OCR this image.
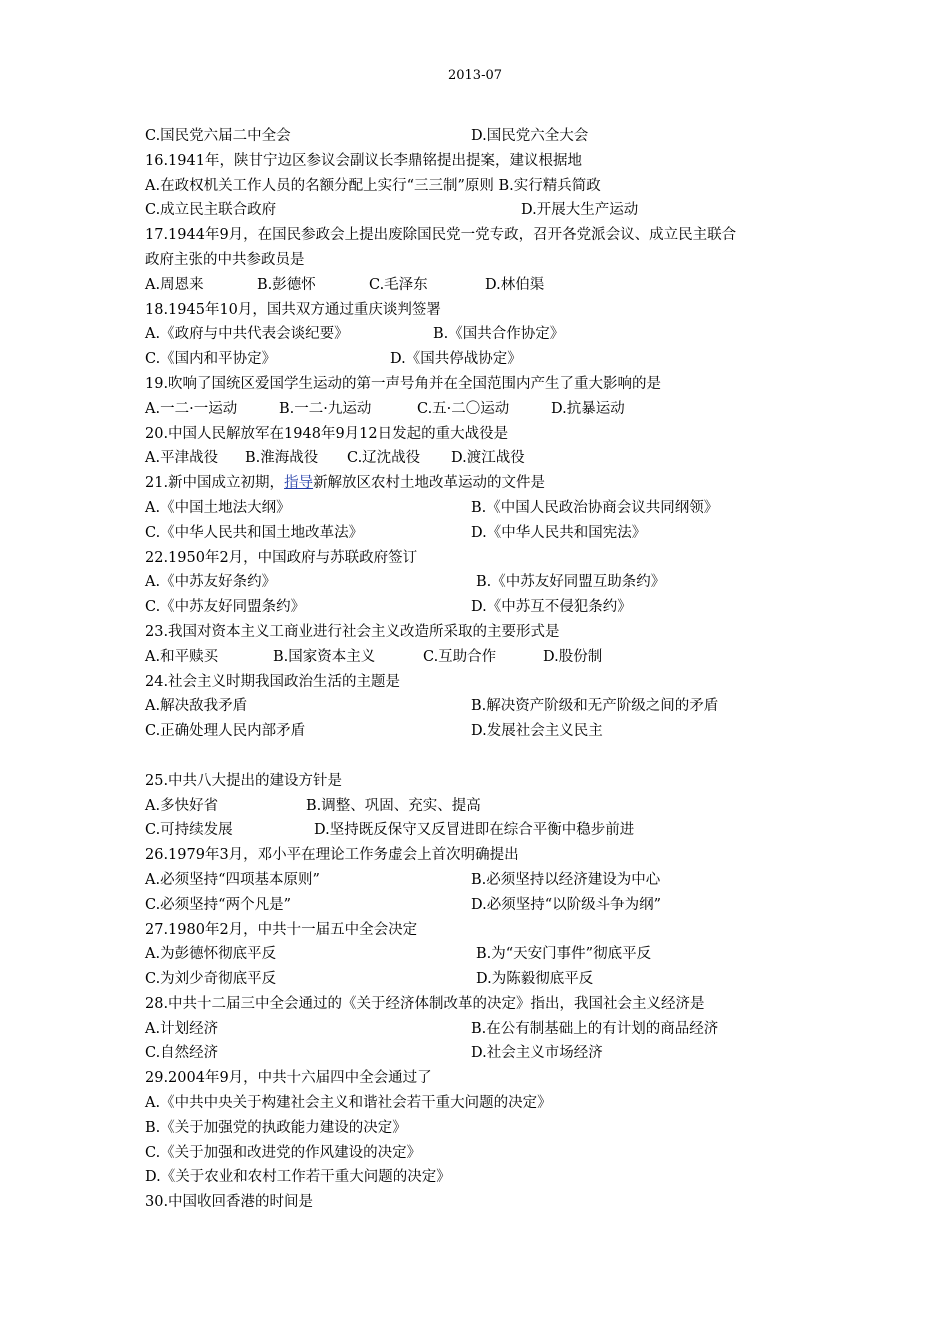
2013-07
C.国民党六届二中全会	D.国民党六全大会
16.1941年，陕甘宁边区参议会副议长李鼎铭提出提案，建议根据地
A.在政权机关工作人员的名额分配上实行“三三制”原则 B.实行精兵简政
C.成立民主联合政府	D.开展大生产运动
17.1944年9月，在国民参政会上提出废除国民党一党专政，召开各党派会议、成立民主联合
政府主张的中共参政员是
A.周恩来	B.彭德怀	C.毛泽东	D.林伯渠
18.1945年10月，国共双方通过重庆谈判签署
A.《政府与中共代表会谈纪要》	B.《国共合作协定》
C.《国内和平协定》	D.《国共停战协定》
19.吹响了国统区爱国学生运动的第一声号角并在全国范围内产生了重大影响的是
A.一二·一运动	B.一二·九运动	C.五·二〇运动	D.抗暴运动
20.中国人民解放军在1948年9月12日发起的重大战役是
A.平津战役 B.淮海战役 C.辽沈战役 D.渡江战役
21.新中国成立初期，指导新解放区农村土地改革运动的文件是
A.《中国土地法大纲》	B.《中国人民政治协商会议共同纲领》
C.《中华人民共和国土地改革法》	D.《中华人民共和国宪法》
22.1950年2月，中国政府与苏联政府签订
A.《中苏友好条约》	B.《中苏友好同盟互助条约》
C.《中苏友好同盟条约》	D.《中苏互不侵犯条约》
23.我国对资本主义工商业进行社会主义改造所采取的主要形式是
A.和平赎买	B.国家资本主义	C.互助合作	D.股份制
24.社会主义时期我国政治生活的主题是
A.解决敌我矛盾	B.解决资产阶级和无产阶级之间的矛盾
C.正确处理人民内部矛盾	D.发展社会主义民主
25.中共八大提出的建设方针是
A.多快好省	B.调整、巩固、充实、提高
C.可持续发展	D.坚持既反保守又反冒进即在综合平衡中稳步前进
26.1979年3月，邓小平在理论工作务虚会上首次明确提出
A.必须坚持“四项基本原则”	B.必须坚持以经济建设为中心
C.必须坚持“两个凡是”	D.必须坚持“以阶级斗争为纲”
27.1980年2月，中共十一届五中全会决定
A.为彭德怀彻底平反	B.为“天安门事件”彻底平反
C.为刘少奇彻底平反	D.为陈毅彻底平反
28.中共十二届三中全会通过的《关于经济体制改革的决定》指出，我国社会主义经济是
A.计划经济	B.在公有制基础上的有计划的商品经济
C.自然经济	D.社会主义市场经济
29.2004年9月，中共十六届四中全会通过了
A.《中共中央关于构建社会主义和谐社会若干重大问题的决定》
B.《关于加强党的执政能力建设的决定》
C.《关于加强和改进党的作风建设的决定》
D.《关于农业和农村工作若干重大问题的决定》
30.中国收回香港的时间是
